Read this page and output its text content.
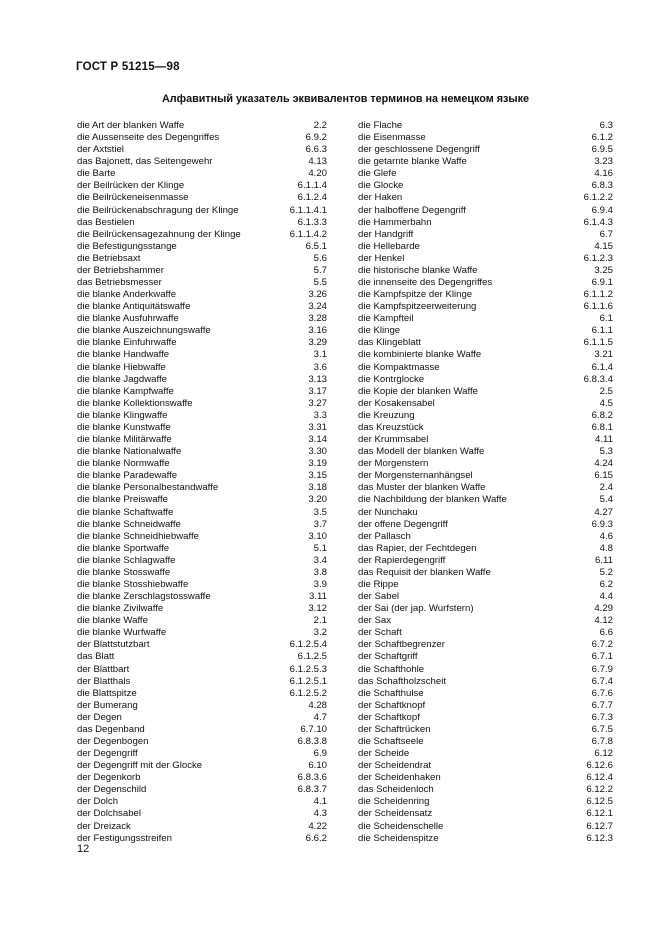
ГОСТ Р 51215—98
Алфавитный указатель эквивалентов терминов на немецком языке
die Art der blanken Waffe	2.2
die Aussenseite des Degengriffes	6.9.2
der Axtstiel	6.6.3
das Bajonett, das Seitengewehr	4.13
die Barte	4.20
der Beilrücken der Klinge	6.1.1.4
die Beilrückeneisenmasse	6.1.2.4
die Beilrückenabschragung der Klinge	6.1.1.4.1
das Bestielen	6.1.3.3
die Beilrückensagezahnung der Klinge	6.1.1.4.2
die Befestigungsstange	6.5.1
die Betriebsaxt	5.6
der Betriebshammer	5.7
das Betriebsmesser	5.5
die blanke Anderkwaffe	3.26
die blanke Antiquitätswaffe	3.24
die blanke Ausfuhrwaffe	3.28
die blanke Auszeichnungswaffe	3.16
die blanke Einfuhrwaffe	3.29
die blanke Handwaffe	3.1
die blanke Hiebwaffe	3.6
die blanke Jagdwaffe	3.13
die blanke Kampfwaffe	3.17
die blanke Kollektionswaffe	3.27
die blanke Klingwaffe	3.3
die blanke Kunstwaffe	3.31
die blanke Militärwaffe	3.14
die blanke Nationalwaffe	3.30
die blanke Normwaffe	3.19
die blanke Paradewaffe	3.15
die blanke Personalbestandwaffe	3.18
die blanke Preiswaffe	3.20
die blanke Schaftwaffe	3.5
die blanke Schneidwaffe	3.7
die blanke Schneidhiebwaffe	3.10
die blanke Sportwaffe	5.1
die blanke Schlagwaffe	3.4
die blanke Stosswaffe	3.8
die blanke Stosshiebwaffe	3.9
die blanke Zerschlagstosswaffe	3.11
die blanke Zivilwaffe	3.12
die blanke Waffe	2.1
die blanke Wurfwaffe	3.2
der Blattstutzbart	6.1.2.5.4
das Blatt	6.1.2.5
der Blattbart	6.1.2.5.3
der Blatthals	6.1.2.5.1
die Blattspitze	6.1.2.5.2
der Bumerang	4.28
der Degen	4.7
das Degenband	6.7.10
der Degenbogen	6.8.3.8
der Degengriff	6.9
der Degengriff mit der Glocke	6.10
der Degenkorb	6.8.3.6
der Degenschild	6.8.3.7
der Dolch	4.1
der Dolchsabel	4.3
der Dreizack	4.22
der Festigungsstreifen	6.6.2
die Flache	6.3
die Eisenmasse	6.1.2
der geschlossene Degengriff	6.9.5
die getarnte blanke Waffe	3.23
die Glefe	4.16
die Glocke	6.8.3
der Haken	6.1.2.2
der halboffene Degengriff	6.9.4
die Hammerbahn	6.1.4.3
der Handgriff	6.7
die Hellebarde	4.15
der Henkel	6.1.2.3
die historische blanke Waffe	3.25
die innenseite des Degengriffes	6.9.1
die Kampfspitze der Klinge	6.1.1.2
die Kampfspitzeerweiterung	6.1.1.6
die Kampfteil	6.1
die Klinge	6.1.1
das Klingeblatt	6.1.1.5
die kombinierte blanke Waffe	3.21
die Kompaktmasse	6.1.4
die Kontrglocke	6.8.3.4
die Kopie der blanken Waffe	2.5
der Kosakensabel	4.5
die Kreuzung	6.8.2
das Kreuzstück	6.8.1
der Krummsabel	4.11
das Modell der blanken Waffe	5.3
der Morgenstern	4.24
der Morgensternanhängsel	6.15
das Muster der blanken Waffe	2.4
die Nachbildung der blanken Waffe	5.4
der Nunchaku	4.27
der offene Degengriff	6.9.3
der Pallasch	4.6
das Rapier, der Fechtdegen	4.8
der Rapierdegengriff	6.11
das Requisit der blanken Waffe	5.2
die Rippe	6.2
der Sabel	4.4
der Sai (der jap. Wurfstern)	4.29
der Sax	4.12
der Schaft	6.6
der Schaftbegrenzer	6.7.2
der Schaftgriff	6.7.1
die Schafthohle	6.7.9
das Schaftholzscheit	6.7.4
die Schafthulse	6.7.6
der Schaftknopf	6.7.7
der Schaftkopf	6.7.3
der Schaftrücken	6.7.5
die Schaftseele	6.7.8
der Scheide	6.12
der Scheidendrat	6.12.6
der Scheidenhaken	6.12.4
das Scheidenloch	6.12.2
die Scheidenring	6.12.5
der Scheidensatz	6.12.1
die Scheidenschelle	6.12.7
die Scheidenspitze	6.12.3
12
